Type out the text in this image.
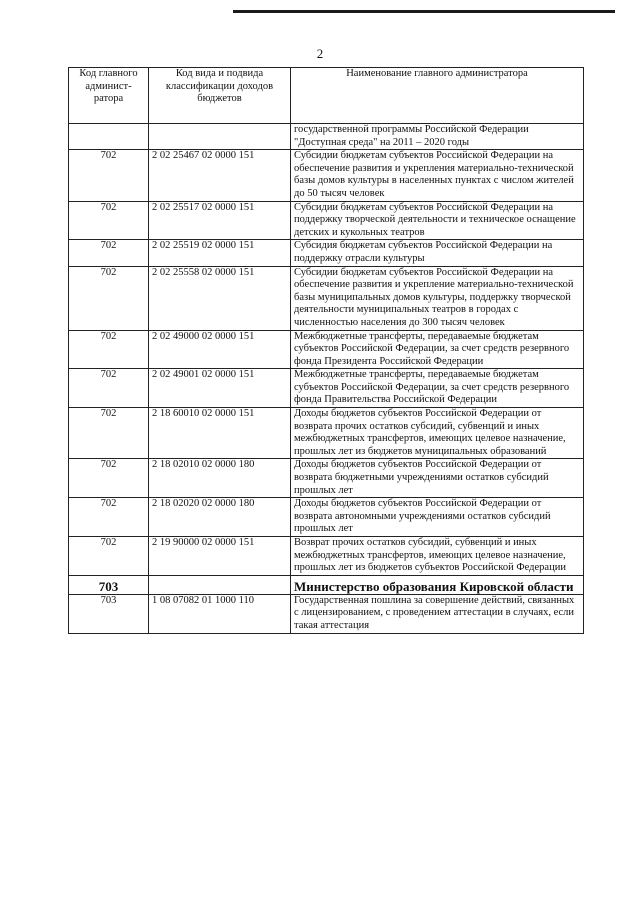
2
Код главного админист-ратора	Код вида и подвида классификации доходов бюджетов	Наименование главного администратора
		государственной программы Российской Федерации "Доступная среда" на 2011 – 2020 годы
702	2 02 25467 02 0000 151	Субсидии бюджетам субъектов Российской Федерации на обеспечение развития и укрепления материально-технической базы домов культуры в населенных пунктах с числом жителей до 50 тысяч человек
702	2 02 25517 02 0000 151	Субсидии бюджетам субъектов Российской Федерации на поддержку творческой деятельности и техническое оснащение детских и кукольных театров
702	2 02 25519 02 0000 151	Субсидия бюджетам субъектов Российской Федерации на поддержку отрасли культуры
702	2 02 25558 02 0000 151	Субсидии бюджетам субъектов Российской Федерации на обеспечение развития и укрепление материально-технической базы муниципальных домов культуры, поддержку творческой деятельности муниципальных театров в городах с численностью населения до 300 тысяч человек
702	2 02 49000 02 0000 151	Межбюджетные трансферты, передаваемые бюджетам субъектов Российской Федерации, за счет средств резервного фонда Президента Российской Федерации
702	2 02 49001 02 0000 151	Межбюджетные трансферты, передаваемые бюджетам субъектов Российской Федерации, за счет средств резервного фонда Правительства Российской Федерации
702	2 18 60010 02 0000 151	Доходы бюджетов субъектов Российской Федерации от возврата прочих остатков субсидий, субвенций и иных межбюджетных трансфертов, имеющих целевое назначение, прошлых лет из бюджетов муниципальных образований
702	2 18 02010 02 0000 180	Доходы бюджетов субъектов Российской Федерации от возврата бюджетными учреждениями остатков субсидий прошлых лет
702	2 18 02020 02 0000 180	Доходы бюджетов субъектов Российской Федерации от возврата автономными учреждениями остатков субсидий прошлых лет
702	2 19 90000 02 0000 151	Возврат прочих остатков субсидий, субвенций и иных межбюджетных трансфертов, имеющих целевое назначение, прошлых лет из бюджетов субъектов Российской Федерации
703		Министерство образования Кировской области
703	1 08 07082 01 1000 110	Государственная пошлина за совершение действий, связанных с лицензированием, с проведением аттестации в случаях, если такая аттестация
